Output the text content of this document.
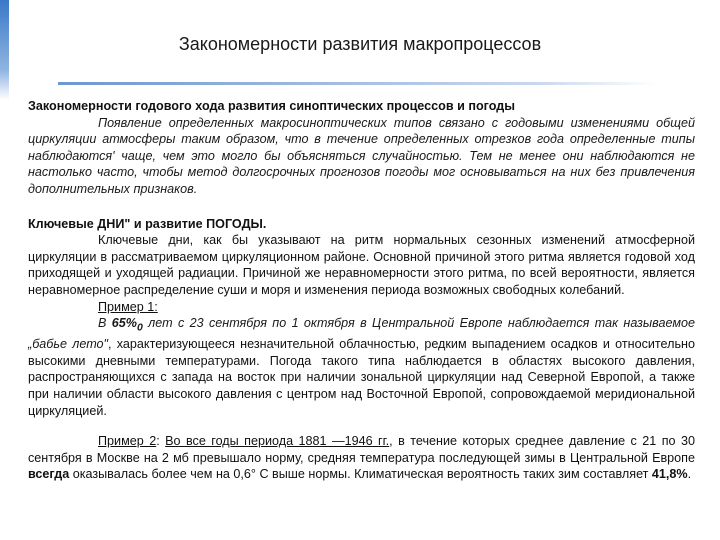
Закономерности развития макропроцессов

Закономерности годового хода развития синоптических процессов и погоды

Появление определенных макросиноптических типов связано с годовыми изменениями общей циркуляции атмосферы таким образом, что в течение определенных отрезков года определенные типы наблюдаются' чаще, чем это могло бы объясняться случайностью. Тем не менее они наблюдаются не настолько часто, чтобы метод долгосрочных прогнозов погоды мог основываться на них без привлечения дополнительных признаков.

Ключевые ДНИ" и развитие ПОГОДЫ.

Ключевые дни, как бы указывают на ритм нормальных сезонных изменений атмосферной циркуляции в рассматриваемом циркуляционном районе. Основной причиной этого ритма является годовой ход приходящей и уходящей радиации. Причиной же неравномерности этого ритма, по всей вероятности, является неравномерное распределение суши и моря и изменения периода возможных свободных колебаний.

Пример 1:

В $65\%_0$ лет с 23 сентября по 1 октября в Центральной Европе наблюдается так называемое „бабье лето", характеризующееся незначительной облачностью, редким выпадением осадков и относительно высокими дневными температурами. Погода такого типа наблюдается в областях высокого давления, распространяющихся с запада на восток при наличии зональной циркуляции над Северной Европой, а также при наличии области высокого давления с центром над Восточной Европой, сопровождаемой меридиональной циркуляцией.

Пример 2: Во все годы периода 1881 —1946 гг., в течение которых среднее давление с 21 по 30 сентября в Москве на 2 мб превышало норму, средняя температура последующей зимы в Центральной Европе всегда оказывалась более чем на 0,6° С выше нормы. Климатическая вероятность таких зим составляет 41,8%.
